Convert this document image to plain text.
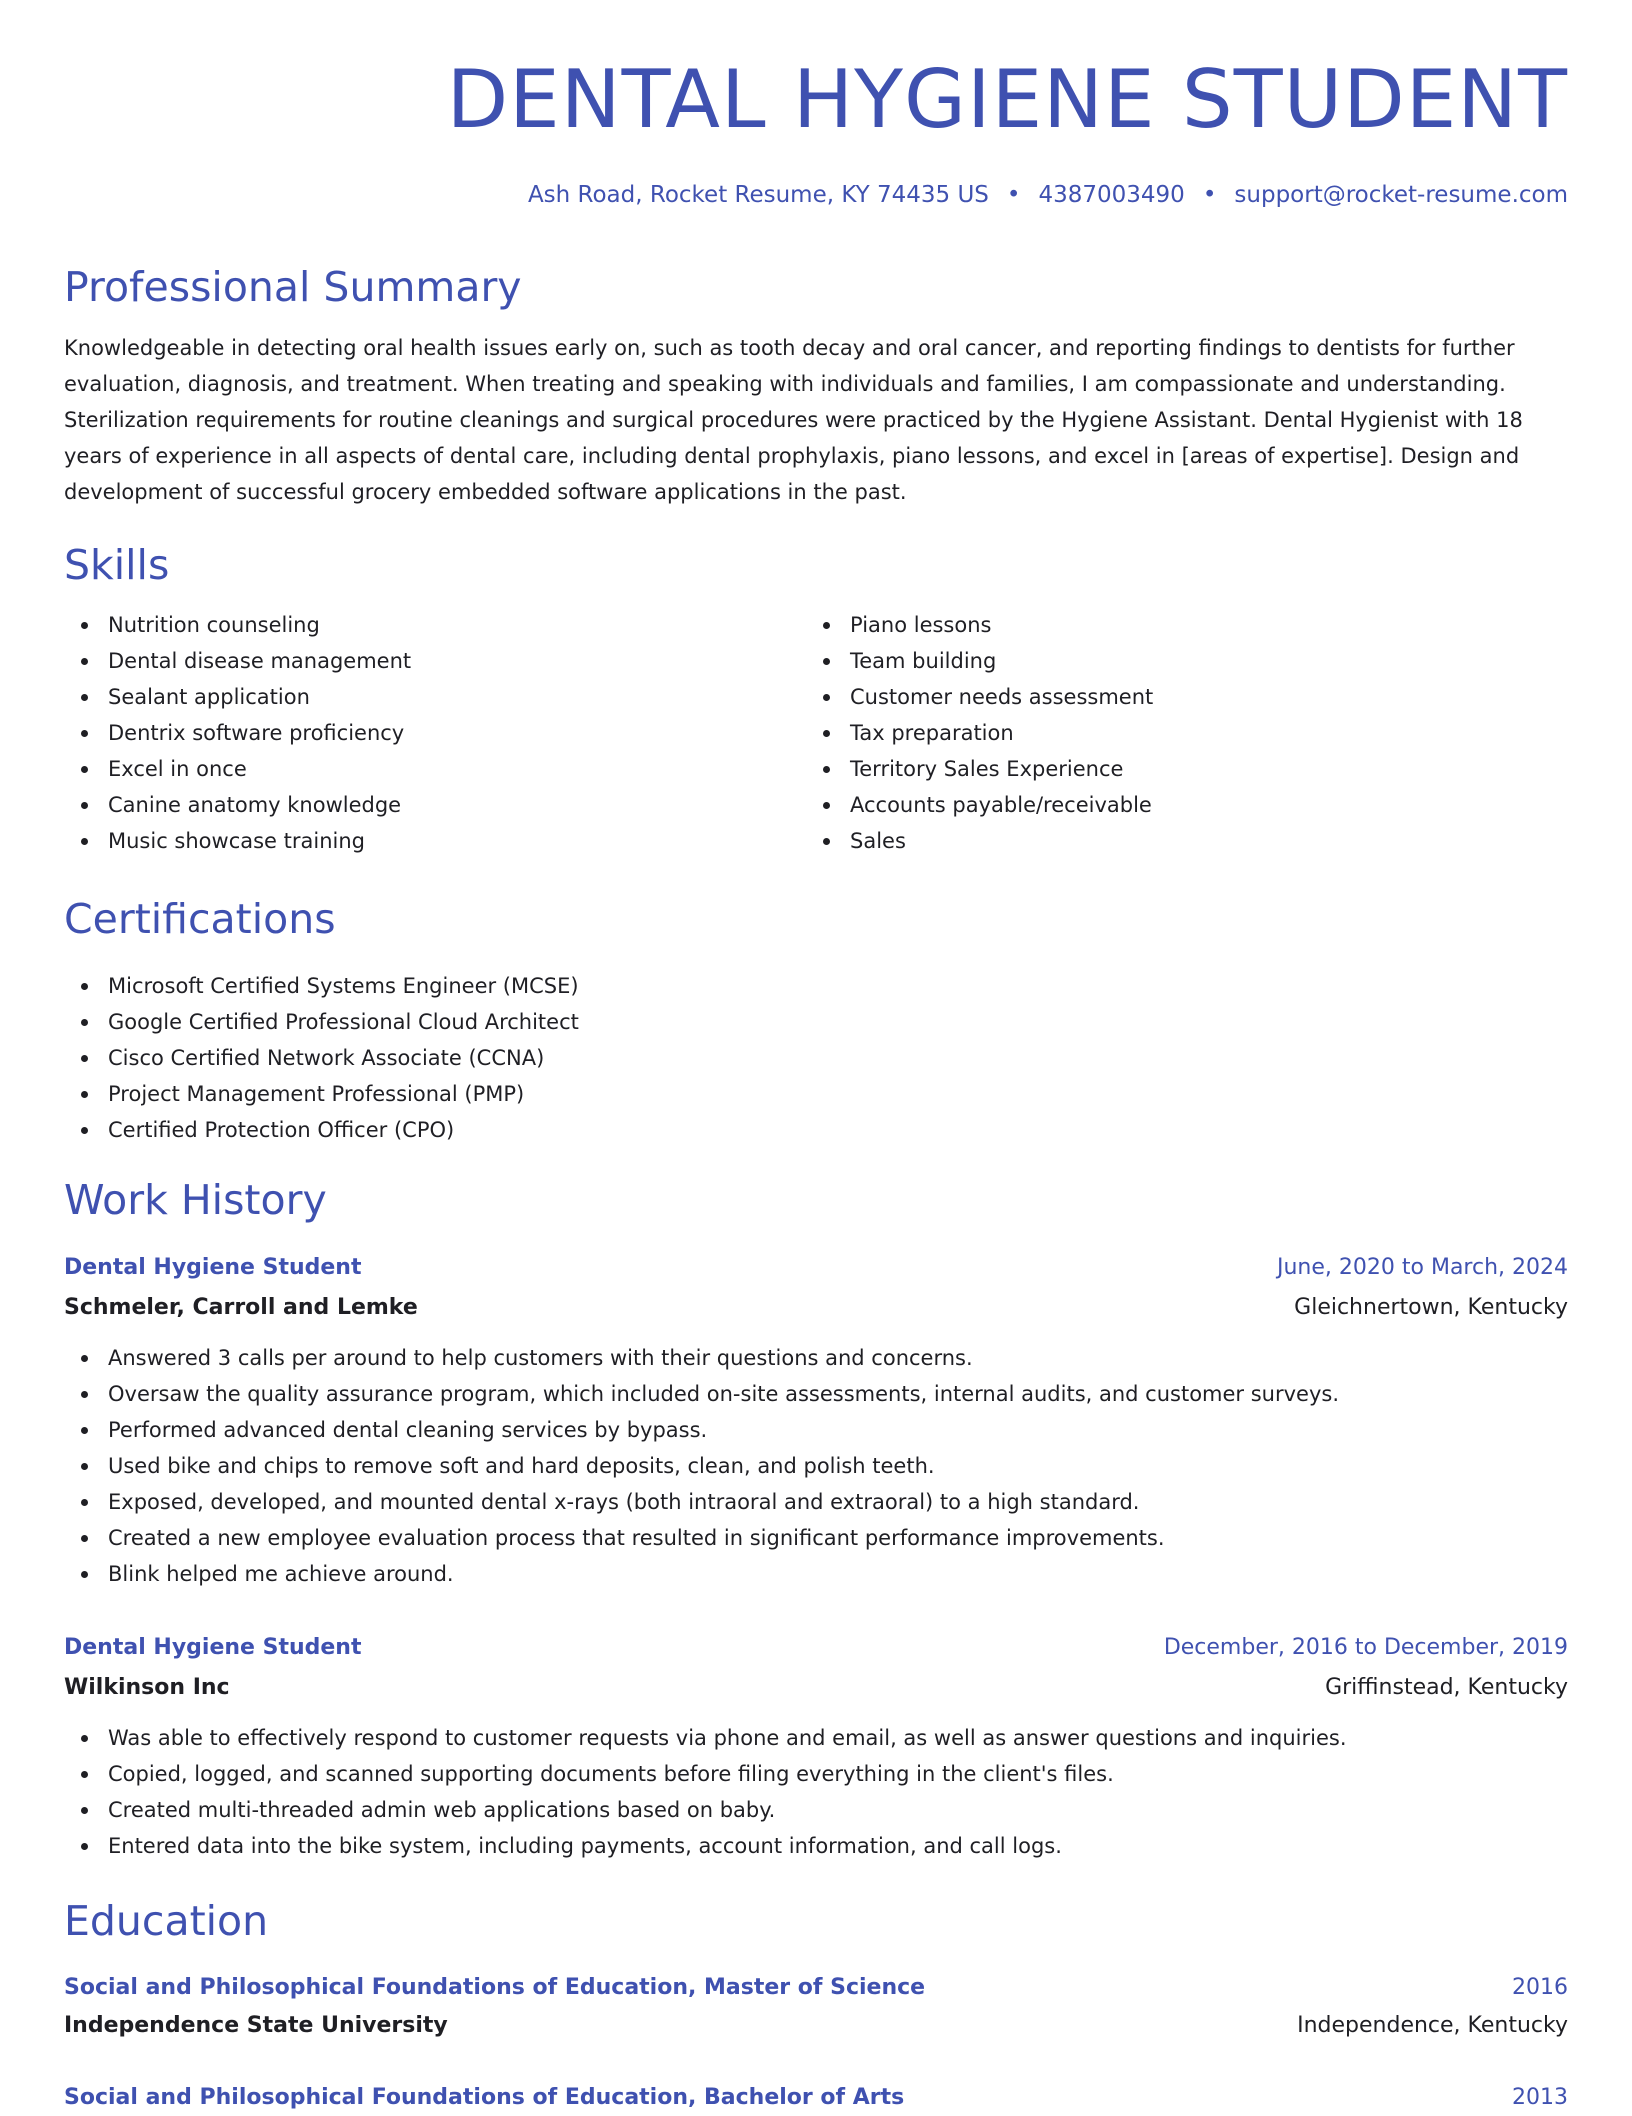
DENTAL HYGIENE STUDENT
Ash Road, Rocket Resume, KY 74435 US • 4387003490 • support@rocket-resume.com
Professional Summary
Knowledgeable in detecting oral health issues early on, such as tooth decay and oral cancer, and reporting findings to dentists for further evaluation, diagnosis, and treatment. When treating and speaking with individuals and families, I am compassionate and understanding. Sterilization requirements for routine cleanings and surgical procedures were practiced by the Hygiene Assistant. Dental Hygienist with 18 years of experience in all aspects of dental care, including dental prophylaxis, piano lessons, and excel in [areas of expertise]. Design and development of successful grocery embedded software applications in the past.
Skills
Nutrition counseling
Dental disease management
Sealant application
Dentrix software proficiency
Excel in once
Canine anatomy knowledge
Music showcase training
Piano lessons
Team building
Customer needs assessment
Tax preparation
Territory Sales Experience
Accounts payable/receivable
Sales
Certifications
Microsoft Certified Systems Engineer (MCSE)
Google Certified Professional Cloud Architect
Cisco Certified Network Associate (CCNA)
Project Management Professional (PMP)
Certified Protection Officer (CPO)
Work History
Dental Hygiene Student	June, 2020 to March, 2024
Schmeler, Carroll and Lemke	Gleichnertown, Kentucky
Answered 3 calls per around to help customers with their questions and concerns.
Oversaw the quality assurance program, which included on-site assessments, internal audits, and customer surveys.
Performed advanced dental cleaning services by bypass.
Used bike and chips to remove soft and hard deposits, clean, and polish teeth.
Exposed, developed, and mounted dental x-rays (both intraoral and extraoral) to a high standard.
Created a new employee evaluation process that resulted in significant performance improvements.
Blink helped me achieve around.
Dental Hygiene Student	December, 2016 to December, 2019
Wilkinson Inc	Griffinstead, Kentucky
Was able to effectively respond to customer requests via phone and email, as well as answer questions and inquiries.
Copied, logged, and scanned supporting documents before filing everything in the client's files.
Created multi-threaded admin web applications based on baby.
Entered data into the bike system, including payments, account information, and call logs.
Education
Social and Philosophical Foundations of Education, Master of Science	2016
Independence State University	Independence, Kentucky
Social and Philosophical Foundations of Education, Bachelor of Arts	2013
